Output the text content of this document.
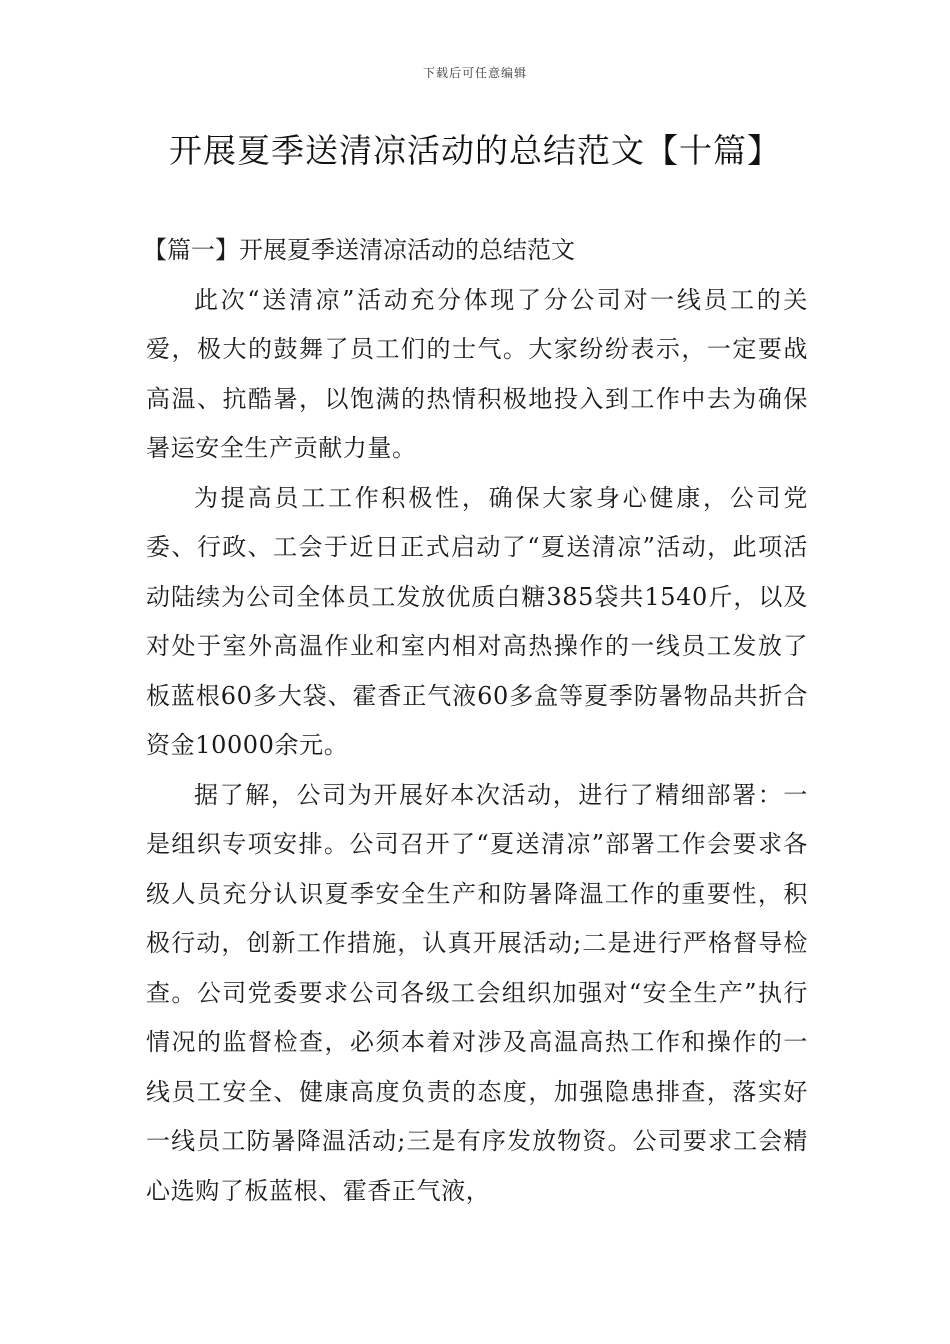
下载后可任意编辑
开展夏季送清凉活动的总结范文【十篇】
【篇一】开展夏季送清凉活动的总结范文

此次“送清凉”活动充分体现了分公司对一线员工的关爱，极大的鼓舞了员工们的士气。大家纷纷表示，一定要战高温、抗酷暑，以饱满的热情积极地投入到工作中去为确保暑运安全生产贡献力量。

为提高员工工作积极性，确保大家身心健康，公司党委、行政、工会于近日正式启动了“夏送清凉”活动，此项活动陆续为公司全体员工发放优质白糖385袋共1540斤，以及对处于室外高温作业和室内相对高热操作的一线员工发放了板蓝根60多大袋、霍香正气液60多盒等夏季防暑物品共折合资金10000余元。

据了解，公司为开展好本次活动，进行了精细部署：一是组织专项安排。公司召开了“夏送清凉”部署工作会要求各级人员充分认识夏季安全生产和防暑降温工作的重要性，积极行动，创新工作措施，认真开展活动;二是进行严格督导检查。公司党委要求公司各级工会组织加强对“安全生产”执行情况的监督检查，必须本着对涉及高温高热工作和操作的一线员工安全、健康高度负责的态度，加强隐患排查，落实好一线员工防暑降温活动;三是有序发放物资。公司要求工会精心选购了板蓝根、霍香正气液，
